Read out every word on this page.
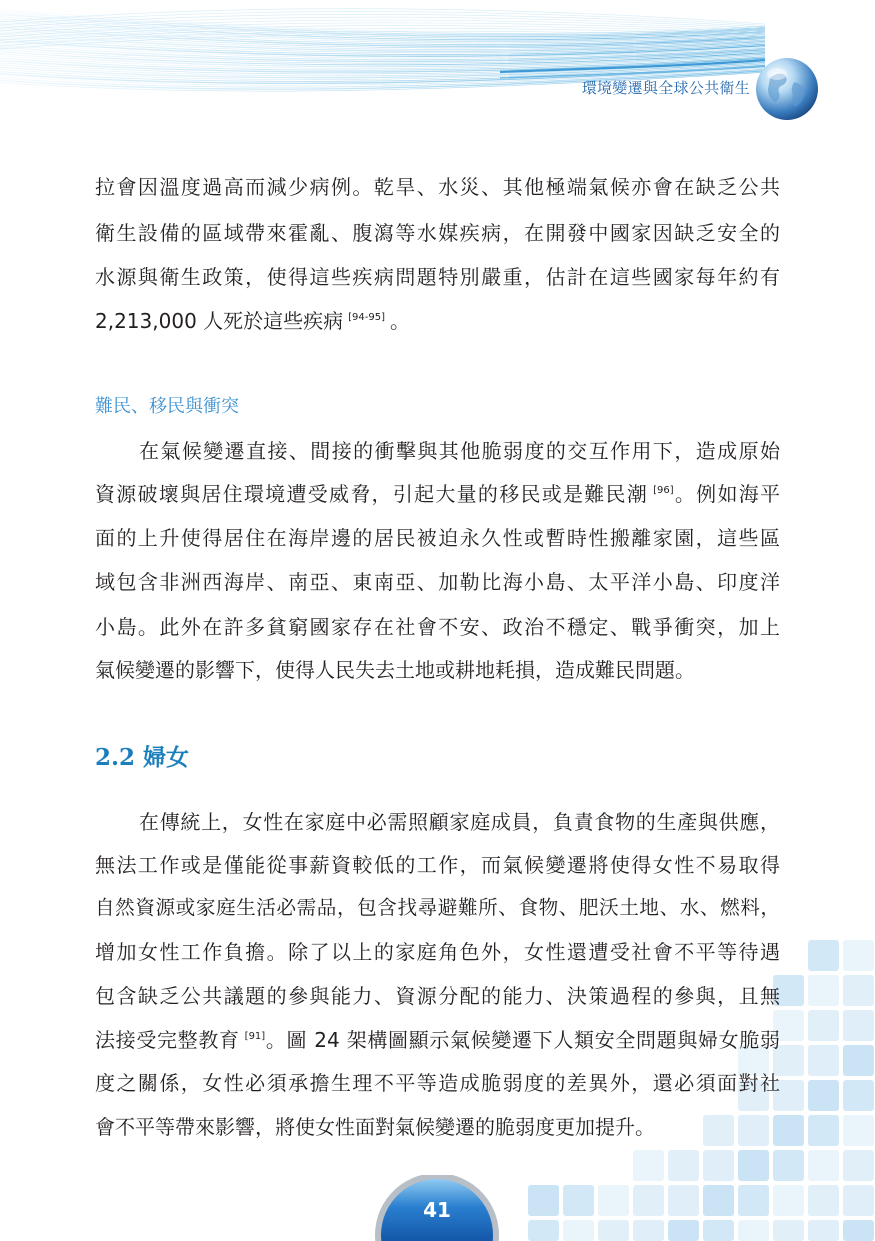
環境變遷與全球公共衛生
拉會因溫度過高而減少病例。乾旱、水災、其他極端氣候亦會在缺乏公共
衛生設備的區域帶來霍亂、腹瀉等水媒疾病，在開發中國家因缺乏安全的
水源與衛生政策，使得這些疾病問題特別嚴重，估計在這些國家每年約有
2,213,000 人死於這些疾病 [94-95] 。
難民、移民與衝突
在氣候變遷直接、間接的衝擊與其他脆弱度的交互作用下，造成原始
資源破壞與居住環境遭受威脅，引起大量的移民或是難民潮 [96]。例如海平
面的上升使得居住在海岸邊的居民被迫永久性或暫時性搬離家園，這些區
域包含非洲西海岸、南亞、東南亞、加勒比海小島、太平洋小島、印度洋
小島。此外在許多貧窮國家存在社會不安、政治不穩定、戰爭衝突，加上
氣候變遷的影響下，使得人民失去土地或耕地耗損，造成難民問題。
2.2 婦女
在傳統上，女性在家庭中必需照顧家庭成員，負責食物的生產與供應，
無法工作或是僅能從事薪資較低的工作，而氣候變遷將使得女性不易取得
自然資源或家庭生活必需品，包含找尋避難所、食物、肥沃土地、水、燃料，
增加女性工作負擔。除了以上的家庭角色外，女性還遭受社會不平等待遇
包含缺乏公共議題的參與能力、資源分配的能力、決策過程的參與，且無
法接受完整教育 [91]。圖 24 架構圖顯示氣候變遷下人類安全問題與婦女脆弱
度之關係，女性必須承擔生理不平等造成脆弱度的差異外，還必須面對社
會不平等帶來影響，將使女性面對氣候變遷的脆弱度更加提升。
41
